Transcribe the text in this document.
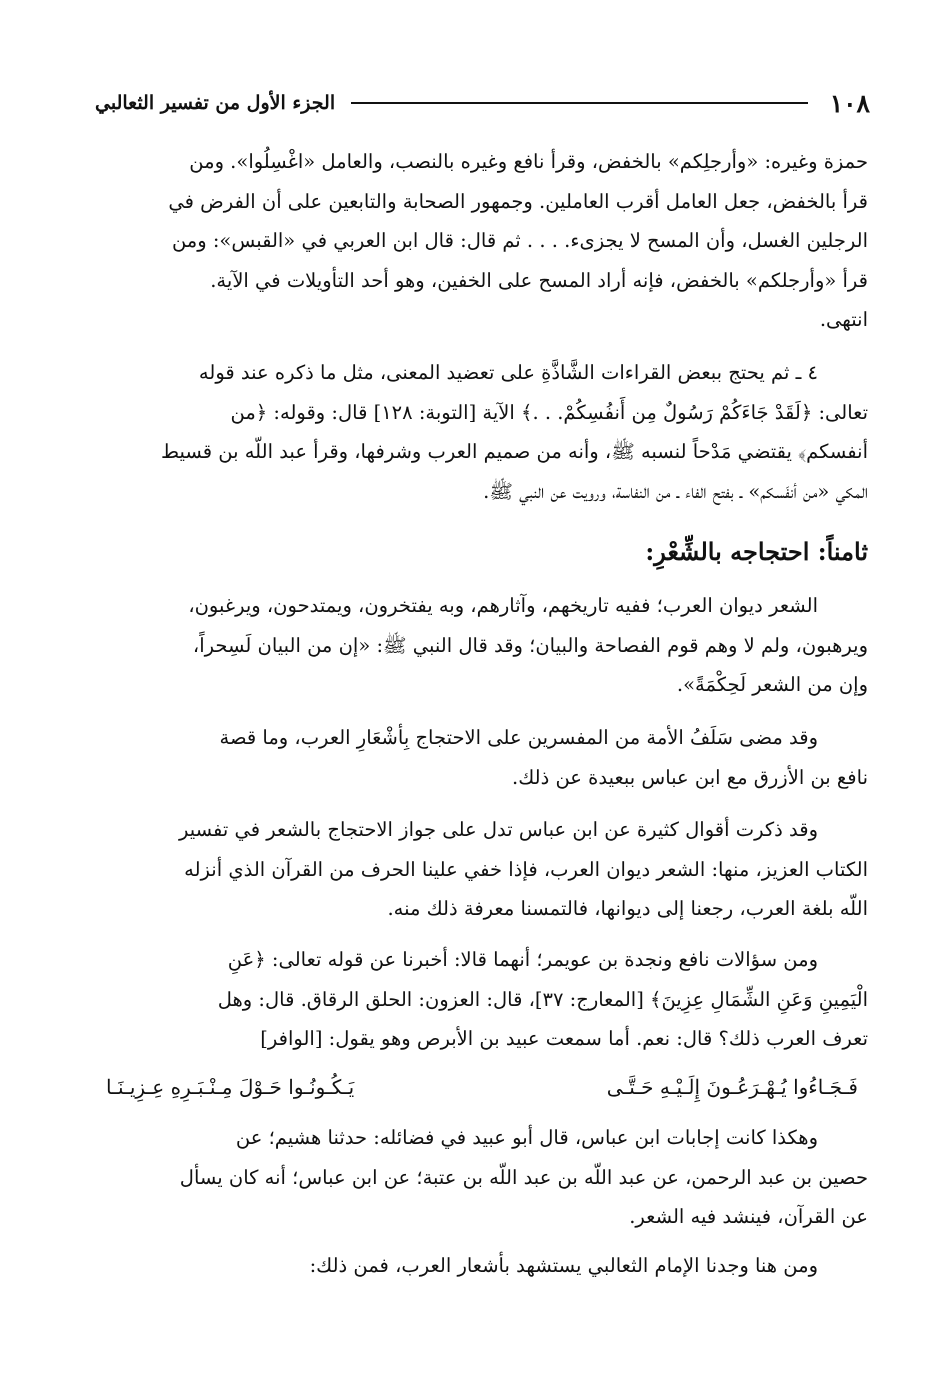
١٠٨
الجزء الأول من تفسير الثعالبي
حمزة وغيره: «وأرجلِكم» بالخفض، وقرأ نافع وغيره بالنصب، والعامل «اغْسِلُوا». ومن
قرأ بالخفض، جعل العامل أقرب العاملين. وجمهور الصحابة والتابعين على أن الفرض في
الرجلين الغسل، وأن المسح لا يجزىء. . . . ثم قال: قال ابن العربي في «القبس»: ومن
قرأ «وأرجلكم» بالخفض، فإنه أراد المسح على الخفين، وهو أحد التأويلات في الآية.
انتهى.
٤ ـ ثم يحتج ببعض القراءات الشَّاذَّةِ على تعضيد المعنى، مثل ما ذكره عند قوله
تعالى: ﴿لَقَدْ جَاءَكُمْ رَسُولٌ مِن أَنفُسِكُمْ. . .﴾ الآية [التوبة: ١٢٨] قال: وقوله: ﴿من
أنفسكم﴾ يقتضي مَدْحاً لنسبه ﷺ، وأنه من صميم العرب وشرفها، وقرأ عبد اللّه بن قسيط
المكي «من أنفَسكم» ـ بفتح الفاء ـ من النفاسة، ورويت عن النبي ﷺ.
ثامناً: احتجاجه بالشِّعْرِ:
الشعر ديوان العرب؛ ففيه تاريخهم، وآثارهم، وبه يفتخرون، ويمتدحون، ويرغبون،
ويرهبون، ولم لا وهم قوم الفصاحة والبيان؛ وقد قال النبي ﷺ: «إن من البيان لَسِحراً،
وإن من الشعر لَحِكْمَةً».
وقد مضى سَلَفُ الأمة من المفسرين على الاحتجاج بِأشْعَارِ العرب، وما قصة
نافع بن الأزرق مع ابن عباس ببعيدة عن ذلك.
وقد ذكرت أقوال كثيرة عن ابن عباس تدل على جواز الاحتجاج بالشعر في تفسير
الكتاب العزيز، منها: الشعر ديوان العرب، فإذا خفي علينا الحرف من القرآن الذي أنزله
اللّه بلغة العرب، رجعنا إلى ديوانها، فالتمسنا معرفة ذلك منه.
ومن سؤالات نافع ونجدة بن عويمر؛ أنهما قالا: أخبرنا عن قوله تعالى: ﴿عَنِ
الْيَمِينِ وَعَنِ الشِّمَالِ عِزِينَ﴾ [المعارج: ٣٧]، قال: العزون: الحلق الرقاق. قال: وهل
تعرف العرب ذلك؟ قال: نعم. أما سمعت عبيد بن الأبرص وهو يقول: [الوافر]
فَـجَـاءُوا يُـهْـرَعُـونَ إِلَـيْـهِ حَـتَّـى
يَـكُـونُـوا حَـوْلَ مِـنْـبَـرِهِ عِـزِيـنَـا
وهكذا كانت إجابات ابن عباس، قال أبو عبيد في فضائله: حدثنا هشيم؛ عن
حصين بن عبد الرحمن، عن عبد اللّه بن عبد اللّه بن عتبة؛ عن ابن عباس؛ أنه كان يسأل
عن القرآن، فينشد فيه الشعر.
ومن هنا وجدنا الإمام الثعالبي يستشهد بأشعار العرب، فمن ذلك:
